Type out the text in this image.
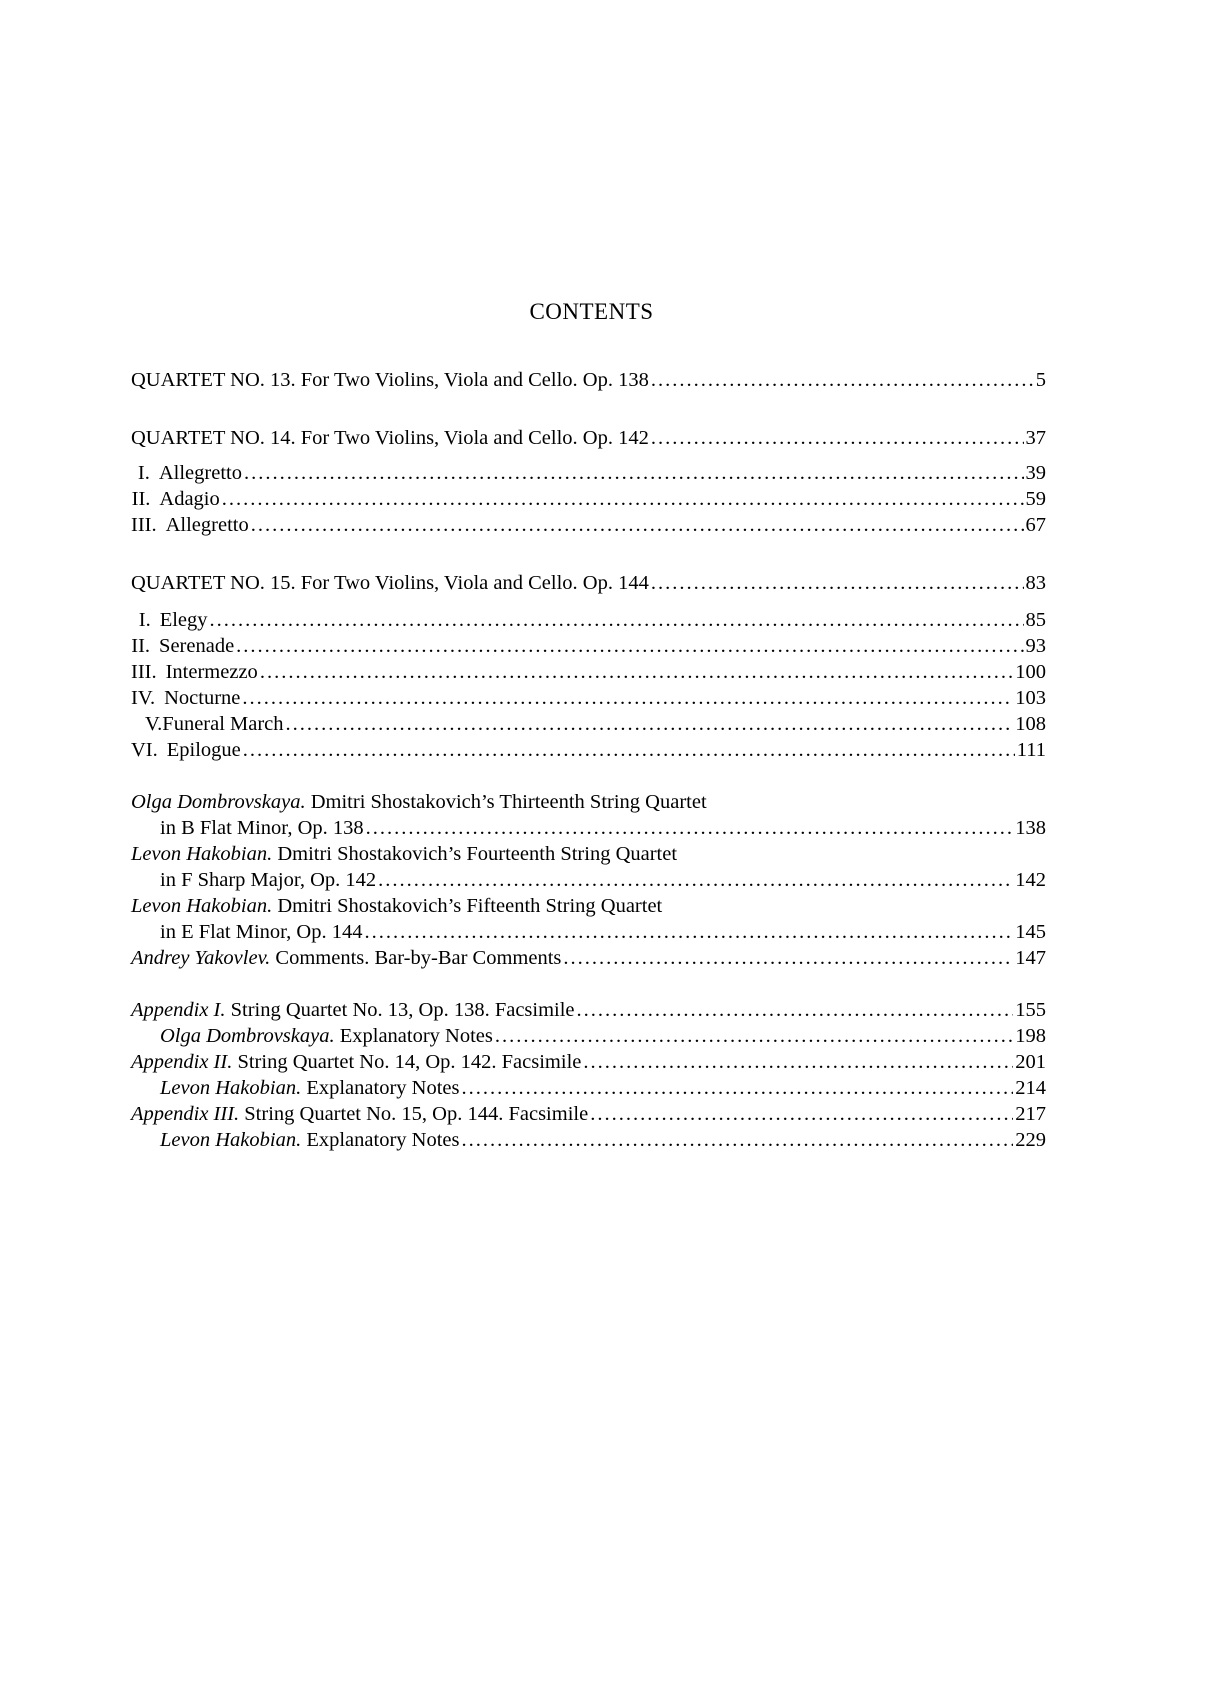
CONTENTS
QUARTET NO. 13. For Two Violins, Viola and Cello. Op. 138 .....	5
QUARTET NO. 14. For Two Violins, Viola and Cello. Op. 142 .....	37
I. Allegretto .....	39
II. Adagio .....	59
III. Allegretto .....	67
QUARTET NO. 15. For Two Violins, Viola and Cello. Op. 144 .....	83
I. Elegy .....	85
II. Serenade .....	93
III. Intermezzo .....	100
IV. Nocturne .....	103
V.Funeral March .....	108
VI. Epilogue .....	111
Olga Dombrovskaya. Dmitri Shostakovich’s Thirteenth String Quartet
in B Flat Minor, Op. 138 .....	138
Levon Hakobian. Dmitri Shostakovich’s Fourteenth String Quartet
in F Sharp Major, Op. 142 .....	142
Levon Hakobian. Dmitri Shostakovich’s Fifteenth String Quartet
in E Flat Minor, Op. 144 .....	145
Andrey Yakovlev. Comments. Bar-by-Bar Comments .....	147
Appendix I. String Quartet No. 13, Op. 138. Facsimile .....	155
Olga Dombrovskaya. Explanatory Notes .....	198
Appendix II. String Quartet No. 14, Op. 142. Facsimile .....	201
Levon Hakobian. Explanatory Notes .....	214
Appendix III. String Quartet No. 15, Op. 144. Facsimile .....	217
Levon Hakobian. Explanatory Notes .....	229
